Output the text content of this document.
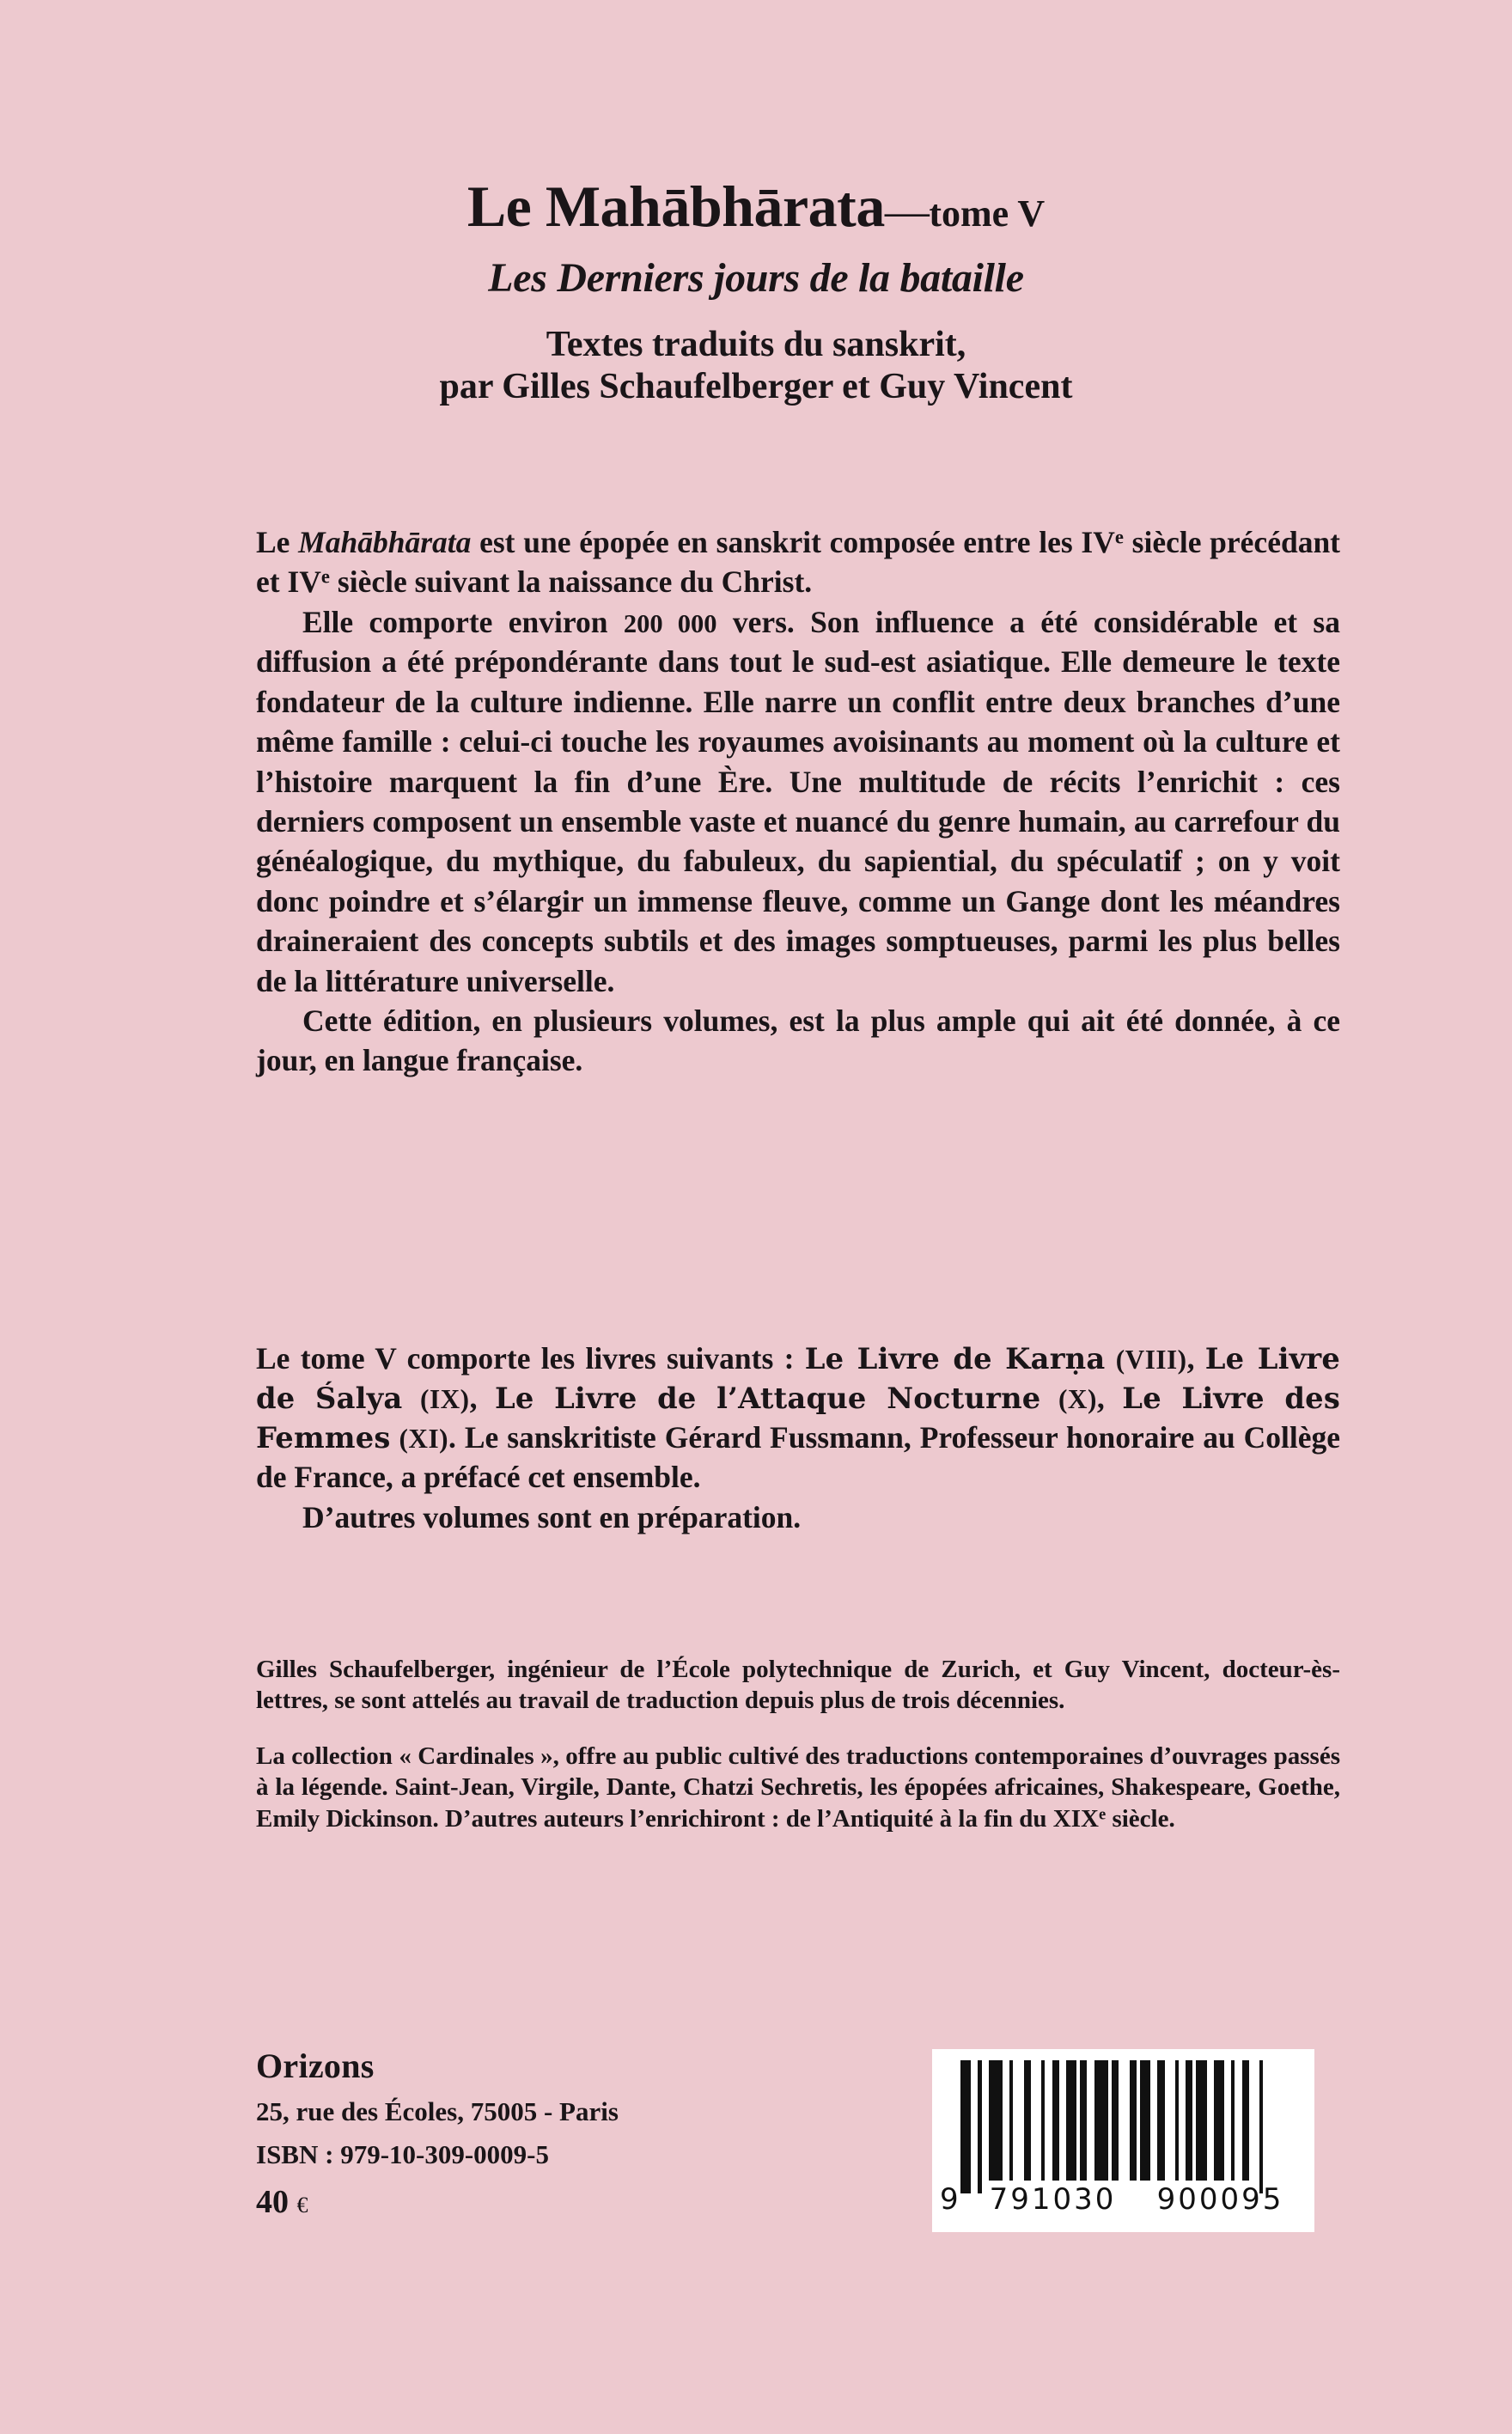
Le Mahābhārata—tome V
Les Derniers jours de la bataille
Textes traduits du sanskrit,
par Gilles Schaufelberger et Guy Vincent

Le Mahābhārata est une épopée en sanskrit composée entre les IVe siècle précédant et IVe siècle suivant la naissance du Christ.

Elle comporte environ 200 000 vers. Son influence a été considérable et sa diffusion a été prépondérante dans tout le sud-est asiatique. Elle demeure le texte fondateur de la culture indienne. Elle narre un conflit entre deux branches d’une même famille : celui-ci touche les royaumes avoisinants au moment où la culture et l’histoire marquent la fin d’une Ère. Une multitude de récits l’enrichit : ces derniers composent un ensemble vaste et nuancé du genre humain, au carrefour du généalogique, du mythique, du fabuleux, du sapiential, du spéculatif ; on y voit donc poindre et s’élargir un immense fleuve, comme un Gange dont les méandres draineraient des concepts subtils et des images somptueuses, parmi les plus belles de la littérature universelle.

Cette édition, en plusieurs volumes, est la plus ample qui ait été donnée, à ce jour, en langue française.

Le tome V comporte les livres suivants : Le Livre de Karṇa (VIII), Le Livre de Śalya (IX), Le Livre de l’Attaque Nocturne (X), Le Livre des Femmes (XI). Le sanskritiste Gérard Fussmann, Professeur honoraire au Collège de France, a préfacé cet ensemble.

D’autres volumes sont en préparation.

Gilles Schaufelberger, ingénieur de l’École polytechnique de Zurich, et Guy Vincent, docteur-ès-lettres, se sont attelés au travail de traduction depuis plus de trois décennies.

La collection « Cardinales », offre au public cultivé des traductions contemporaines d’ouvrages passés à la légende. Saint-Jean, Virgile, Dante, Chatzi Sechretis, les épopées africaines, Shakespeare, Goethe, Emily Dickinson. D’autres auteurs l’enrichiront : de l’Antiquité à la fin du XIXe siècle.

Orizons
25, rue des Écoles, 75005 - Paris
ISBN : 979-10-309-0009-5
40 €	9	791030	900095
